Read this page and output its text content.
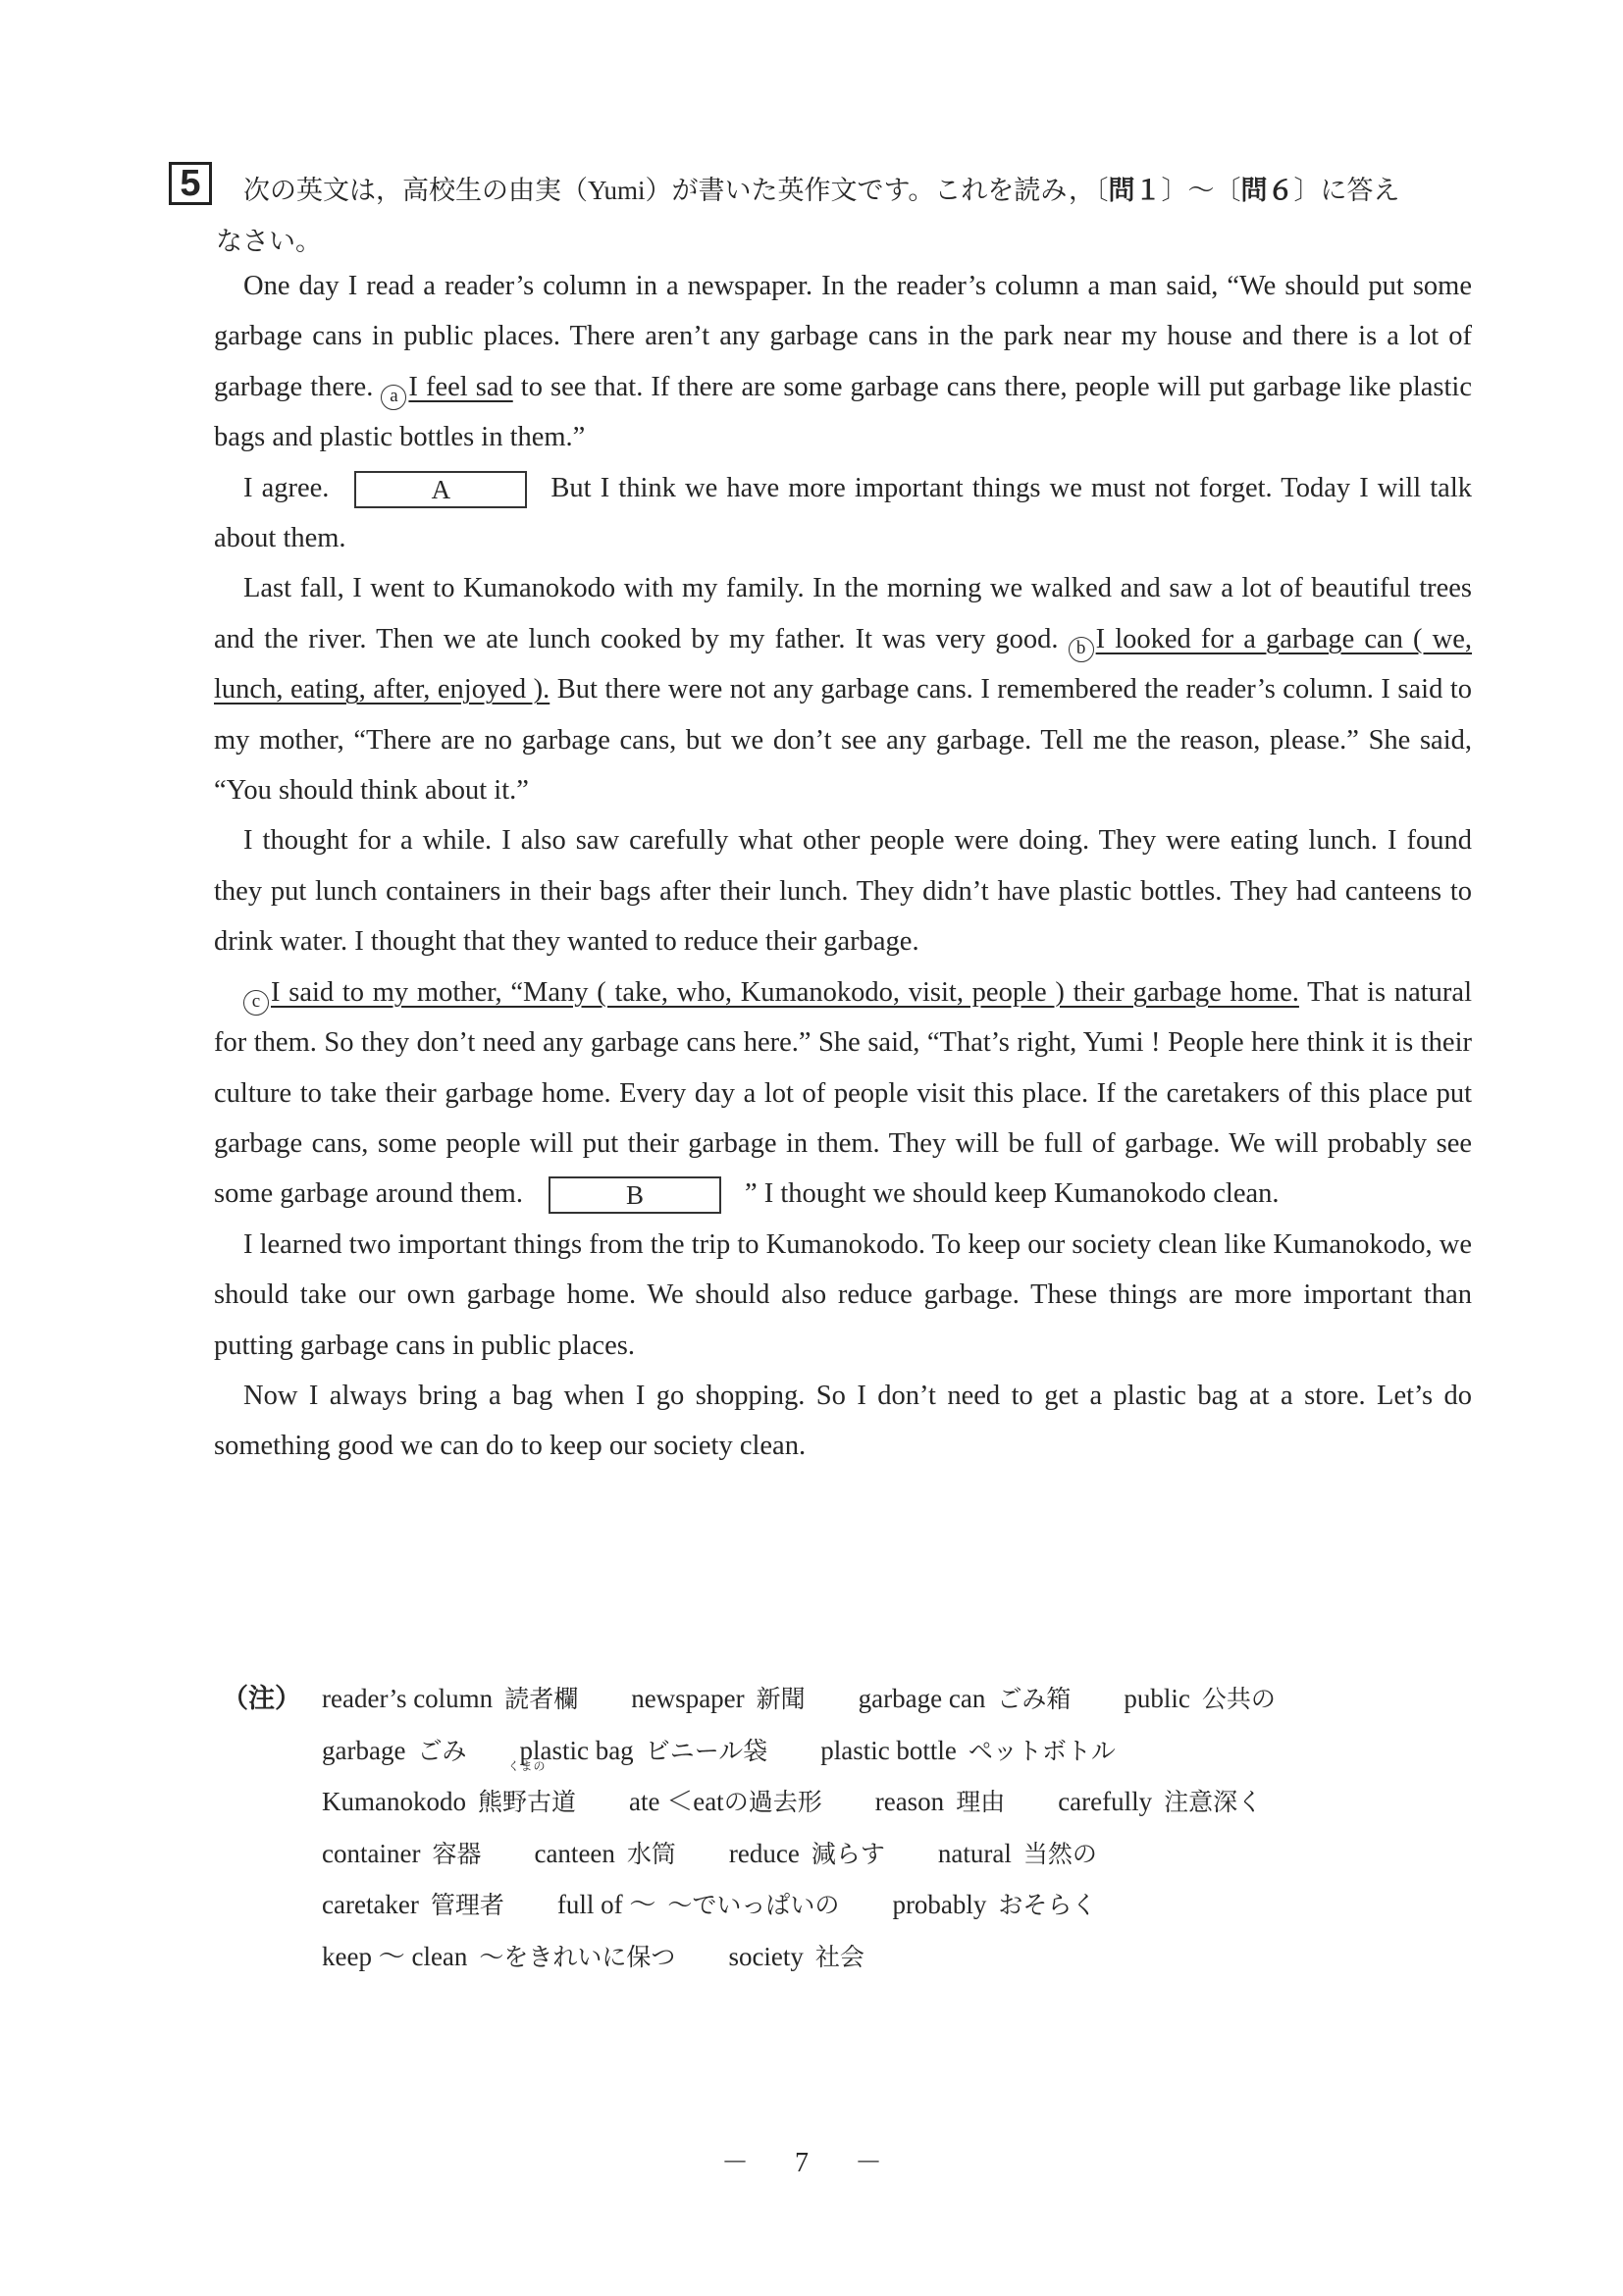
5	次の英文は，高校生の由実（Yumi）が書いた英作文です。これを読み，〔問１〕～〔問６〕に答え
なさい。

One day I read a reader’s column in a newspaper. In the reader’s column a man said, “We should put some garbage cans in public places. There aren’t any garbage cans in the park near my house and there is a lot of garbage there. a I feel sad to see that. If there are some garbage cans there, people will put garbage like plastic bags and plastic bottles in them.”

I agree.	A	But I think we have more important things we must not forget. Today I will talk about them.

Last fall, I went to Kumanokodo with my family. In the morning we walked and saw a lot of beautiful trees and the river. Then we ate lunch cooked by my father. It was very good. b I looked for a garbage can ( we, lunch, eating, after, enjoyed ). But there were not any garbage cans. I remembered the reader’s column. I said to my mother, “There are no garbage cans, but we don’t see any garbage. Tell me the reason, please.” She said, “You should think about it.”

I thought for a while. I also saw carefully what other people were doing. They were eating lunch. I found they put lunch containers in their bags after their lunch. They didn’t have plastic bottles. They had canteens to drink water. I thought that they wanted to reduce their garbage.

c I said to my mother, “Many ( take, who, Kumanokodo, visit, people ) their garbage home. That is natural for them. So they don’t need any garbage cans here.” She said, “That’s right, Yumi ! People here think it is their culture to take their garbage home. Every day a lot of people visit this place. If the caretakers of this place put garbage cans, some people will put their garbage in them. They will be full of garbage. We will probably see some garbage around them.	B	” I thought we should keep Kumanokodo clean.

I learned two important things from the trip to Kumanokodo. To keep our society clean like Kumanokodo, we should take our own garbage home. We should also reduce garbage. These things are more important than putting garbage cans in public places.

Now I always bring a bag when I go shopping. So I don’t need to get a plastic bag at a store. Let’s do something good we can do to keep our society clean.

（注） reader’s column 読者欄 newspaper 新聞 garbage can ごみ箱 public 公共の
garbage ごみ plastic bag ビニール袋 plastic bottle ペットボトル
Kumanokodo
くまの
熊野古道 ate ＜eatの過去形 reason 理由 carefully 注意深く
container 容器 canteen 水筒 reduce 減らす natural 当然の
caretaker 管理者 full of ～ ～でいっぱいの probably おそらく
keep ～ clean ～をきれいに保つ society 社会
－ 7 －
